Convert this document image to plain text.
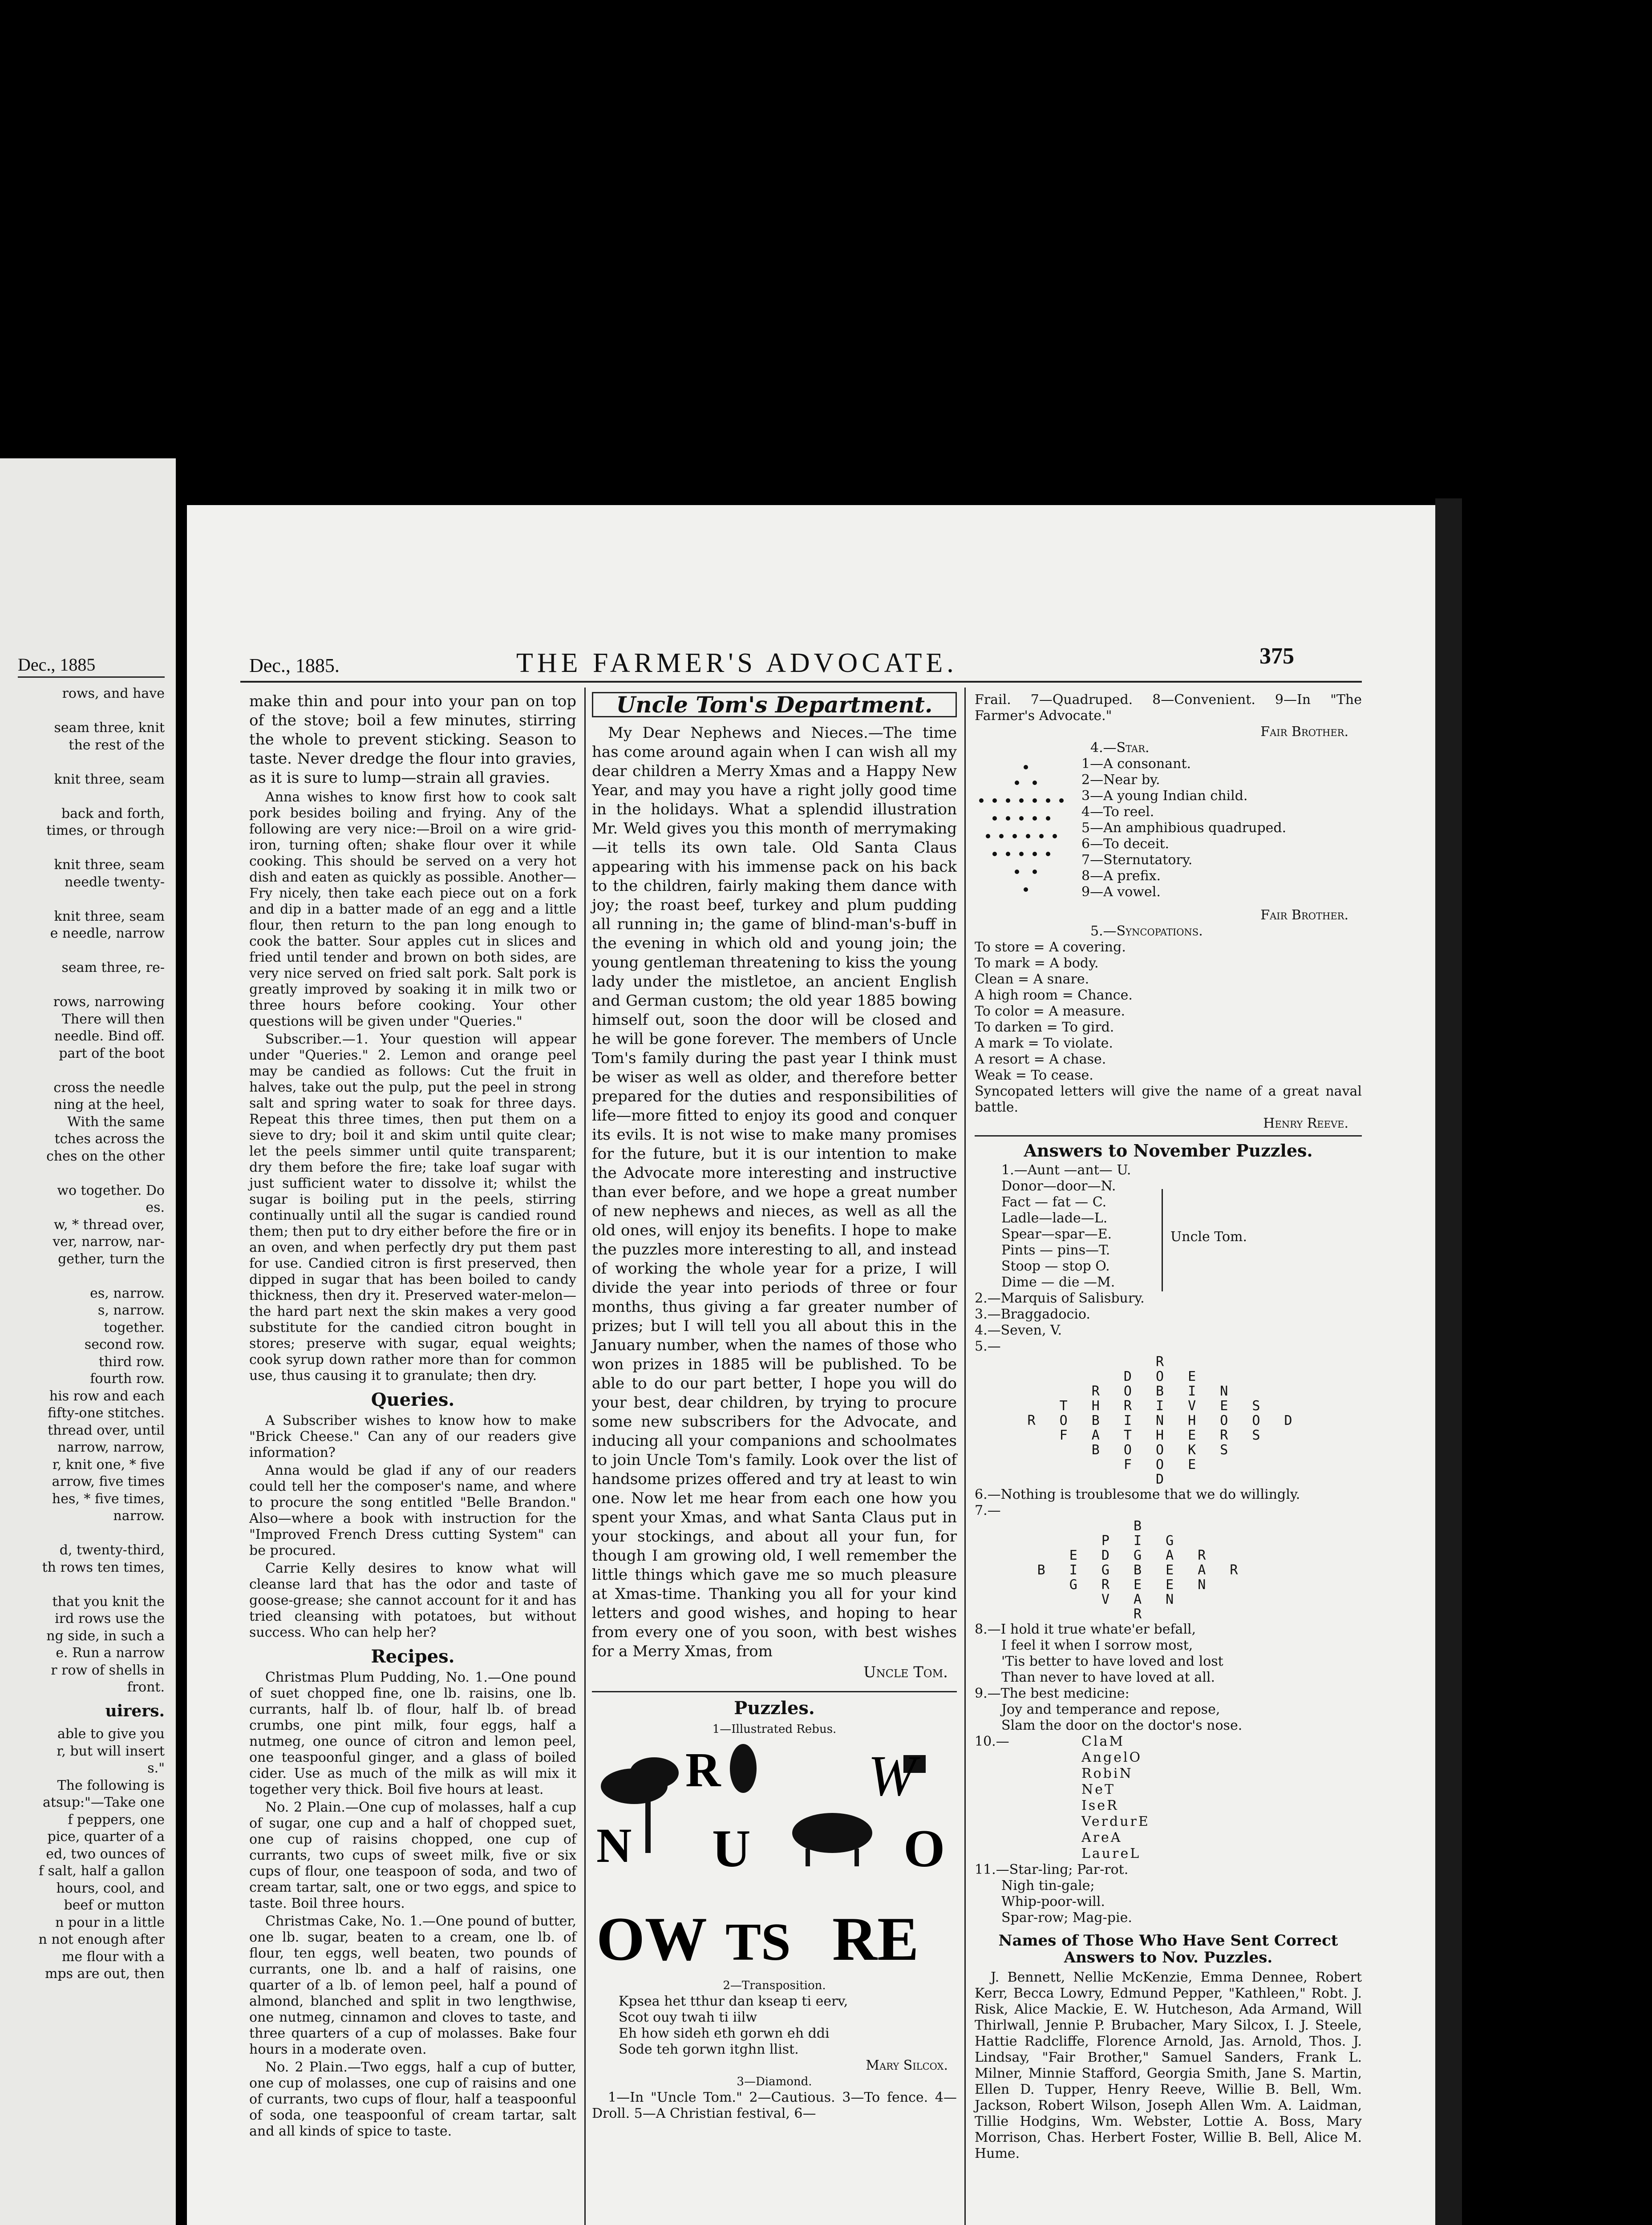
Dec., 1885
rows, and have

seam three, knit
the rest of the

knit three, seam

back and forth,
times, or through

knit three, seam
needle twenty-

knit three, seam
e needle, narrow

seam three, re-

rows, narrowing
There will then
needle. Bind off.
part of the boot

cross the needle
ning at the heel,
With the same
tches across the
ches on the other

wo together. Do
es.
w, * thread over,
ver, narrow, nar-
gether, turn the

es, narrow.
s, narrow.
together.
second row.
third row.
fourth row.
his row and each
fifty-one stitches.
thread over, until
narrow, narrow,
r, knit one, * five
arrow, five times
hes, * five times,
narrow.

d, twenty-third,
th rows ten times,

that you knit the
ird rows use the
ng side, in such a
e. Run a narrow
r row of shells in
front.
uirers.
able to give you
r, but will insert
s."
The following is
atsup:"—Take one
f peppers, one
pice, quarter of a
ed, two ounces of
f salt, half a gallon
hours, cool, and
beef or mutton
n pour in a little
n not enough after
me flour with a
mps are out, then
Dec., 1885.	THE FARMER'S ADVOCATE.	375

make thin and pour into your pan on top of the stove; boil a few minutes, stirring the whole to prevent sticking. Season to taste. Never dredge the flour into gravies, as it is sure to lump—strain all gravies.

Anna wishes to know first how to cook salt pork besides boiling and frying. Any of the following are very nice:—Broil on a wire grid-iron, turning often; shake flour over it while cooking. This should be served on a very hot dish and eaten as quickly as possible. Another—Fry nicely, then take each piece out on a fork and dip in a batter made of an egg and a little flour, then return to the pan long enough to cook the batter. Sour apples cut in slices and fried until tender and brown on both sides, are very nice served on fried salt pork. Salt pork is greatly improved by soaking it in milk two or three hours before cooking. Your other questions will be given under "Queries."

Subscriber.—1. Your question will appear under "Queries." 2. Lemon and orange peel may be candied as follows: Cut the fruit in halves, take out the pulp, put the peel in strong salt and spring water to soak for three days. Repeat this three times, then put them on a sieve to dry; boil it and skim until quite clear; let the peels simmer until quite transparent; dry them before the fire; take loaf sugar with just sufficient water to dissolve it; whilst the sugar is boiling put in the peels, stirring continually until all the sugar is candied round them; then put to dry either before the fire or in an oven, and when perfectly dry put them past for use. Candied citron is first preserved, then dipped in sugar that has been boiled to candy thickness, then dry it. Preserved water-melon—the hard part next the skin makes a very good substitute for the candied citron bought in stores; preserve with sugar, equal weights; cook syrup down rather more than for common use, thus causing it to granulate; then dry.

Queries.

A Subscriber wishes to know how to make "Brick Cheese." Can any of our readers give information?

Anna would be glad if any of our readers could tell her the composer's name, and where to procure the song entitled "Belle Brandon." Also—where a book with instruction for the "Improved French Dress cutting System" can be procured.

Carrie Kelly desires to know what will cleanse lard that has the odor and taste of goose-grease; she cannot account for it and has tried cleansing with potatoes, but without success. Who can help her?

Recipes.

Christmas Plum Pudding, No. 1.—One pound of suet chopped fine, one lb. raisins, one lb. currants, half lb. of flour, half lb. of bread crumbs, one pint milk, four eggs, half a nutmeg, one ounce of citron and lemon peel, one teaspoonful ginger, and a glass of boiled cider. Use as much of the milk as will mix it together very thick. Boil five hours at least.

No. 2 Plain.—One cup of molasses, half a cup of sugar, one cup and a half of chopped suet, one cup of raisins chopped, one cup of currants, two cups of sweet milk, five or six cups of flour, one teaspoon of soda, and two of cream tartar, salt, one or two eggs, and spice to taste. Boil three hours.

Christmas Cake, No. 1.—One pound of butter, one lb. sugar, beaten to a cream, one lb. of flour, ten eggs, well beaten, two pounds of currants, one lb. and a half of raisins, one quarter of a lb. of lemon peel, half a pound of almond, blanched and split in two lengthwise, one nutmeg, cinnamon and cloves to taste, and three quarters of a cup of molasses. Bake four hours in a moderate oven.

No. 2 Plain.—Two eggs, half a cup of butter, one cup of molasses, one cup of raisins and one of currants, two cups of flour, half a teaspoonful of soda, one teaspoonful of cream tartar, salt and all kinds of spice to taste.

Uncle Tom's Department.

My Dear Nephews and Nieces.—The time has come around again when I can wish all my dear children a Merry Xmas and a Happy New Year, and may you have a right jolly good time in the holidays. What a splendid illustration Mr. Weld gives you this month of merrymaking—it tells its own tale. Old Santa Claus appearing with his immense pack on his back to the children, fairly making them dance with joy; the roast beef, turkey and plum pudding all running in; the game of blind-man's-buff in the evening in which old and young join; the young gentleman threatening to kiss the young lady under the mistletoe, an ancient English and German custom; the old year 1885 bowing himself out, soon the door will be closed and he will be gone forever. The members of Uncle Tom's family during the past year I think must be wiser as well as older, and therefore better prepared for the duties and responsibilities of life—more fitted to enjoy its good and conquer its evils. It is not wise to make many promises for the future, but it is our intention to make the Advocate more interesting and instructive than ever before, and we hope a great number of new nephews and nieces, as well as all the old ones, will enjoy its benefits. I hope to make the puzzles more interesting to all, and instead of working the whole year for a prize, I will divide the year into periods of three or four months, thus giving a far greater number of prizes; but I will tell you all about this in the January number, when the names of those who won prizes in 1885 will be published. To be able to do our part better, I hope you will do your best, dear children, by trying to procure some new subscribers for the Advocate, and inducing all your companions and schoolmates to join Uncle Tom's family. Look over the list of handsome prizes offered and try at least to win one. Now let me hear from each one how you spent your Xmas, and what Santa Claus put in your stockings, and about all your fun, for though I am growing old, I well remember the little things which gave me so much pleasure at Xmas-time. Thanking you all for your kind letters and good wishes, and hoping to hear from every one of you soon, with best wishes for a Merry Xmas, from

Uncle Tom.
Puzzles.
1—Illustrated Rebus.
R	W
N U	O
OW TS RE
2—Transposition.
Kpsea het tthur dan kseap ti eerv,
Scot ouy twah ti iilw
Eh how sideh eth gorwn eh ddi
Sode teh gorwn itghn llist.
Mary Silcox.
3—Diamond.

1—In "Uncle Tom." 2—Cautious. 3—To fence. 4—Droll. 5—A Christian festival, 6—

Frail. 7—Quadruped. 8—Convenient. 9—In "The Farmer's Advocate."
Fair Brother.
4.—Star.
1—A consonant.
2—Near by.
3—A young Indian child.
4—To reel.
5—An amphibious quadruped.
6—To deceit.
7—Sternutatory.
8—A prefix.
9—A vowel.
Fair Brother.
5.—Syncopations.
To store = A covering.
To mark = A body.
Clean = A snare.
A high room = Chance.
To color = A measure.
To darken = To gird.
A mark = To violate.
A resort = A chase.
Weak = To cease.
Syncopated letters will give the name of a great naval battle.
Henry Reeve.
Answers to November Puzzles.
1.—Aunt —ant— U.
Donor—door—N.
Fact — fat — C.
Ladle—lade—L.
Spear—spar—E.
Pints — pins—T.
Stoop — stop O.
Dime — die —M.
Uncle Tom.
2.—Marquis of Salisbury.
3.—Braggadocio.
4.—Seven, V.
5.—
R
D O E
R O B I N
T H R I V E S
R O B I N H O O D
F A T H E R S
B O O K S
F O E
D
6.—Nothing is troublesome that we do willingly.
7.—
B
P I G
E D G A R
B I G B E A R
G R E E N
V A N
R
8.—I hold it true whate'er befall,
I feel it when I sorrow most,
'Tis better to have loved and lost
Than never to have loved at all.
9.—The best medicine:
Joy and temperance and repose,
Slam the door on the doctor's nose.
10.—	ClaM
AngelO
RobiN
NeT
IseR
VerdurE
AreA
LaureL
11.—Star-ling; Par-rot.
Nigh tin-gale;
Whip-poor-will.
Spar-row; Mag-pie.
Names of Those Who Have Sent Correct Answers to Nov. Puzzles.

J. Bennett, Nellie McKenzie, Emma Dennee, Robert Kerr, Becca Lowry, Edmund Pepper, "Kathleen," Robt. J. Risk, Alice Mackie, E. W. Hutcheson, Ada Armand, Will Thirlwall, Jennie P. Brubacher, Mary Silcox, I. J. Steele, Hattie Radcliffe, Florence Arnold, Jas. Arnold, Thos. J. Lindsay, "Fair Brother," Samuel Sanders, Frank L. Milner, Minnie Stafford, Georgia Smith, Jane S. Martin, Ellen D. Tupper, Henry Reeve, Willie B. Bell, Wm. Jackson, Robert Wilson, Joseph Allen Wm. A. Laidman, Tillie Hodgins, Wm. Webster, Lottie A. Boss, Mary Morrison, Chas. Herbert Foster, Willie B. Bell, Alice M. Hume.
